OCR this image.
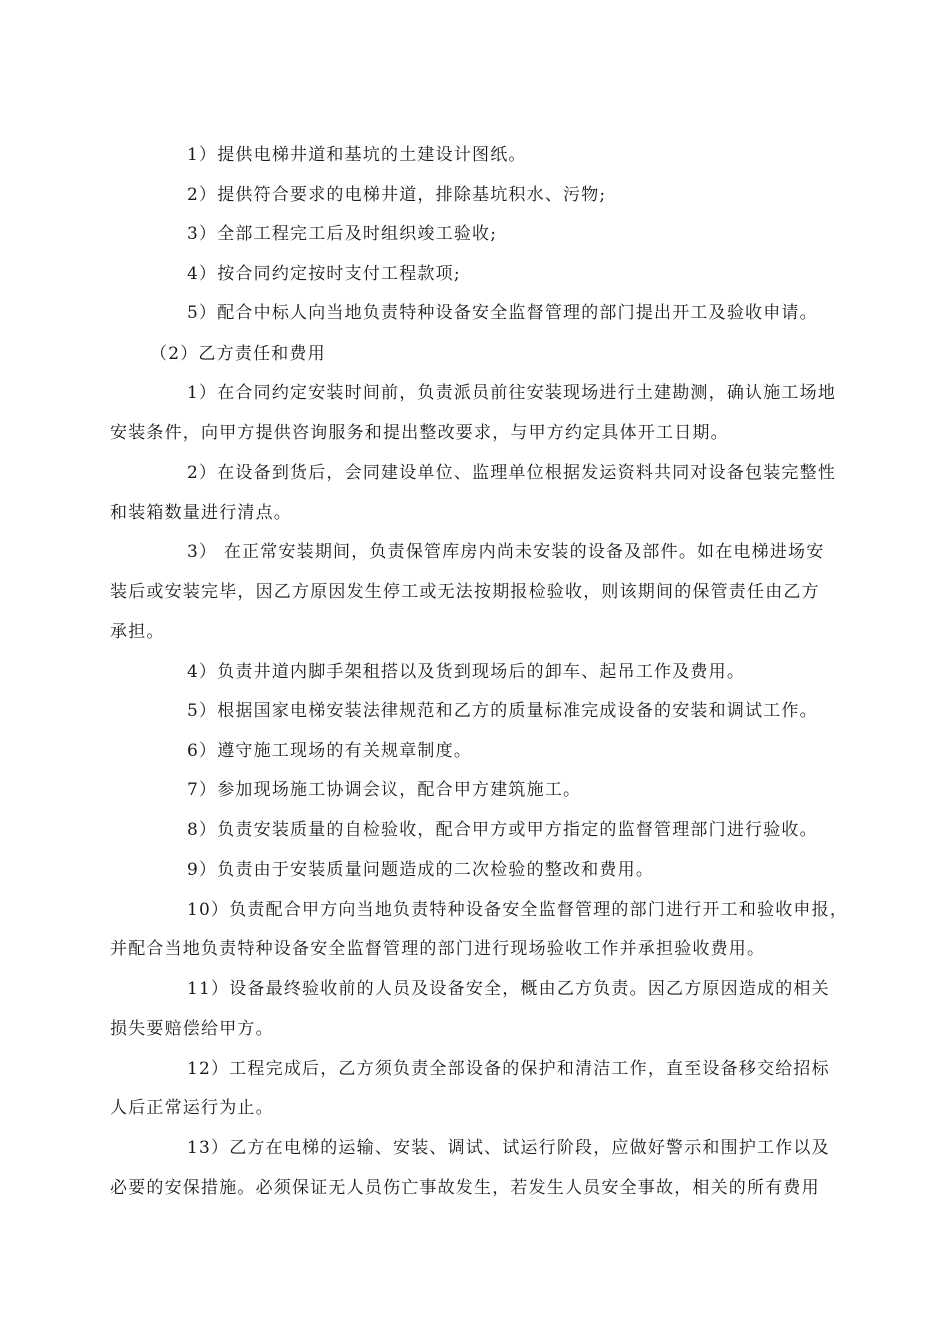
1）提供电梯井道和基坑的土建设计图纸。

2）提供符合要求的电梯井道，排除基坑积水、污物;

3）全部工程完工后及时组织竣工验收;

4）按合同约定按时支付工程款项;

5）配合中标人向当地负责特种设备安全监督管理的部门提出开工及验收申请。

（2）乙方责任和费用

1）在合同约定安装时间前，负责派员前往安装现场进行土建勘测，确认施工场地

安装条件，向甲方提供咨询服务和提出整改要求，与甲方约定具体开工日期。

2）在设备到货后，会同建设单位、监理单位根据发运资料共同对设备包装完整性

和装箱数量进行清点。

3） 在正常安装期间，负责保管库房内尚未安装的设备及部件。如在电梯进场安

装后或安装完毕，因乙方原因发生停工或无法按期报检验收，则该期间的保管责任由乙方

承担。

4）负责井道内脚手架租搭以及货到现场后的卸车、起吊工作及费用。

5）根据国家电梯安装法律规范和乙方的质量标准完成设备的安装和调试工作。

6）遵守施工现场的有关规章制度。

7）参加现场施工协调会议，配合甲方建筑施工。

8）负责安装质量的自检验收，配合甲方或甲方指定的监督管理部门进行验收。

9）负责由于安装质量问题造成的二次检验的整改和费用。

10）负责配合甲方向当地负责特种设备安全监督管理的部门进行开工和验收申报，

并配合当地负责特种设备安全监督管理的部门进行现场验收工作并承担验收费用。

11）设备最终验收前的人员及设备安全，概由乙方负责。因乙方原因造成的相关

损失要赔偿给甲方。

12）工程完成后，乙方须负责全部设备的保护和清洁工作，直至设备移交给招标

人后正常运行为止。

13）乙方在电梯的运输、安装、调试、试运行阶段，应做好警示和围护工作以及

必要的安保措施。必须保证无人员伤亡事故发生，若发生人员安全事故，相关的所有费用
